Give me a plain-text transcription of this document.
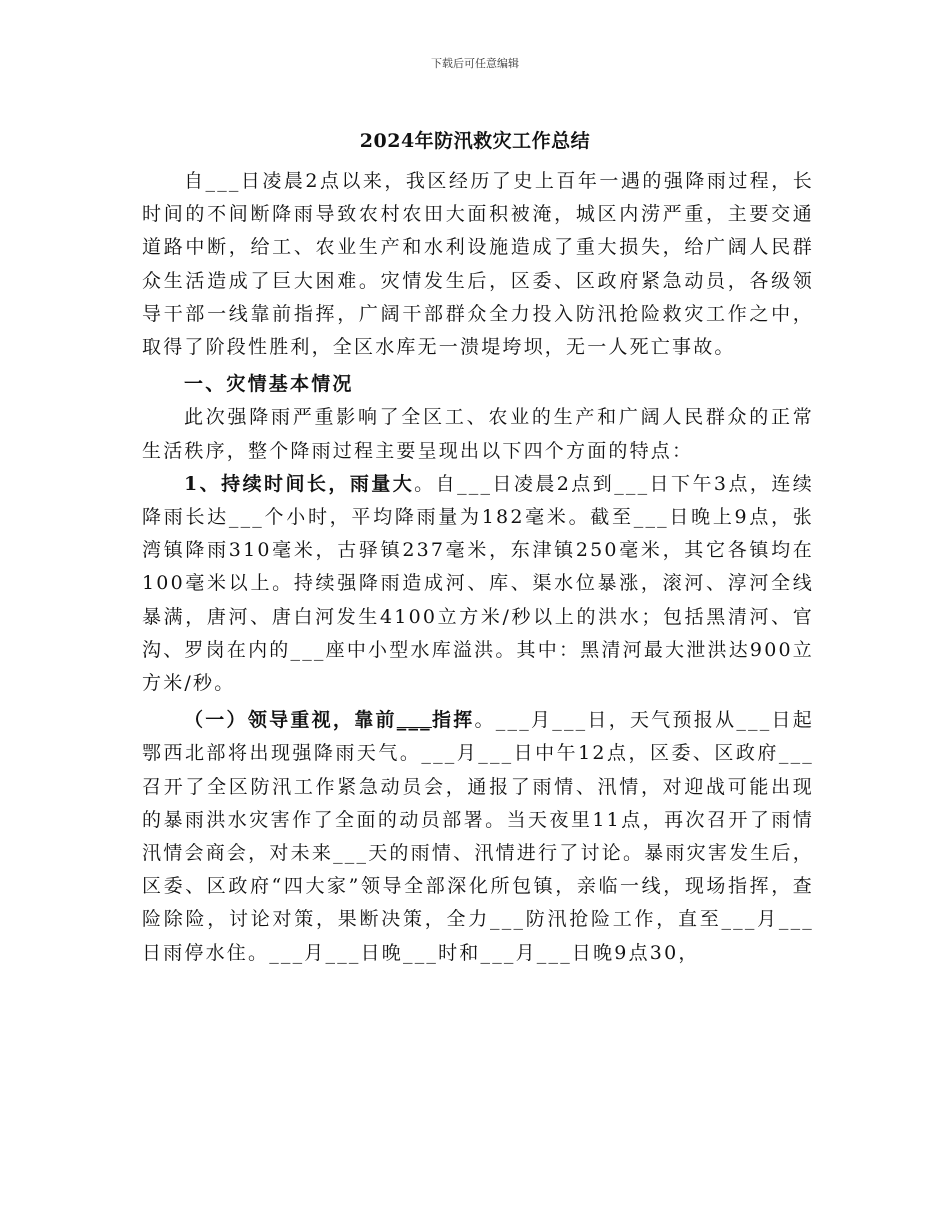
下载后可任意编辑
2024年防汛救灾工作总结

自___日凌晨2点以来，我区经历了史上百年一遇的强降雨过程，长时间的不间断降雨导致农村农田大面积被淹，城区内涝严重，主要交通道路中断，给工、农业生产和水利设施造成了重大损失，给广阔人民群众生活造成了巨大困难。灾情发生后，区委、区政府紧急动员，各级领导干部一线靠前指挥，广阔干部群众全力投入防汛抢险救灾工作之中，取得了阶段性胜利，全区水库无一溃堤垮坝，无一人死亡事故。

一、灾情基本情况

此次强降雨严重影响了全区工、农业的生产和广阔人民群众的正常生活秩序，整个降雨过程主要呈现出以下四个方面的特点：

1、持续时间长，雨量大。自___日凌晨2点到___日下午3点，连续降雨长达___个小时，平均降雨量为182毫米。截至___日晚上9点，张湾镇降雨310毫米，古驿镇237毫米，东津镇250毫米，其它各镇均在100毫米以上。持续强降雨造成河、库、渠水位暴涨，滚河、淳河全线暴满，唐河、唐白河发生4100立方米/秒以上的洪水；包括黑清河、官沟、罗岗在内的___座中小型水库溢洪。其中：黑清河最大泄洪达900立方米/秒。

（一）领导重视，靠前___指挥。___月___日，天气预报从___日起鄂西北部将出现强降雨天气。___月___日中午12点，区委、区政府___召开了全区防汛工作紧急动员会，通报了雨情、汛情，对迎战可能出现的暴雨洪水灾害作了全面的动员部署。当天夜里11点，再次召开了雨情汛情会商会，对未来___天的雨情、汛情进行了讨论。暴雨灾害发生后，区委、区政府“四大家”领导全部深化所包镇，亲临一线，现场指挥，查险除险，讨论对策，果断决策，全力___防汛抢险工作，直至___月___日雨停水住。___月___日晚___时和___月___日晚9点30，
